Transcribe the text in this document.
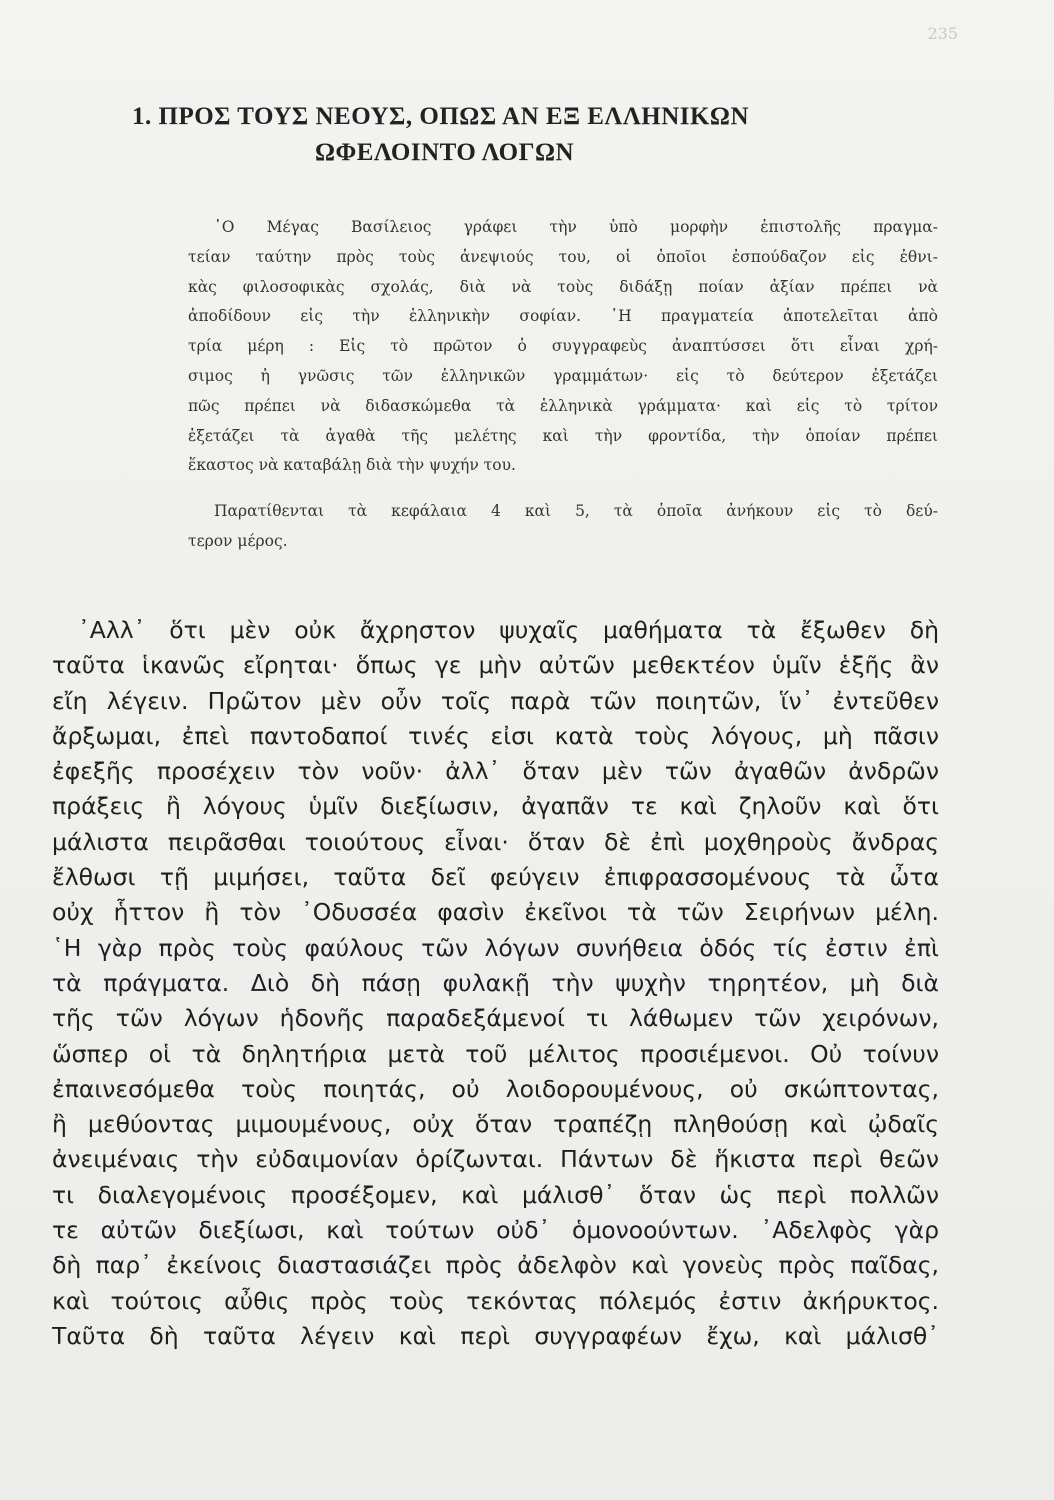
235
1. ΠΡΟΣ ΤΟΥΣ ΝΕΟΥΣ, ΟΠΩΣ ΑΝ ΕΞ ΕΛΛΗΝΙΚΩΝ
ΩΦΕΛΟΙΝΤΟ ΛΟΓΩΝ
῾Ο Μέγας Βασίλειος γράφει τὴν ὑπὸ μορφὴν ἐπιστολῆς πραγμα-
τείαν ταύτην πρὸς τοὺς ἀνεψιούς του, οἱ ὁποῖοι ἐσπούδαζον εἰς ἐθνι-
κὰς φιλοσοφικὰς σχολάς, διὰ νὰ τοὺς διδάξῃ ποίαν ἀξίαν πρέπει νὰ
ἀποδίδουν εἰς τὴν ἑλληνικὴν σοφίαν. ῾Η πραγματεία ἀποτελεῖται ἀπὸ
τρία μέρη : Εἰς τὸ πρῶτον ὁ συγγραφεὺς ἀναπτύσσει ὅτι εἶναι χρή-
σιμος ἡ γνῶσις τῶν ἑλληνικῶν γραμμάτων· εἰς τὸ δεύτερον ἐξετάζει
πῶς πρέπει νὰ διδασκώμεθα τὰ ἑλληνικὰ γράμματα· καὶ εἰς τὸ τρίτον
ἐξετάζει τὰ ἀγαθὰ τῆς μελέτης καὶ τὴν φροντίδα, τὴν ὁποίαν πρέπει
ἕκαστος νὰ καταβάλῃ διὰ τὴν ψυχήν του.
Παρατίθενται τὰ κεφάλαια 4 καὶ 5, τὰ ὁποῖα ἀνήκουν εἰς τὸ δεύ-
τερον μέρος.
᾿Αλλ᾿ ὅτι μὲν οὐκ ἄχρηστον ψυχαῖς μαθήματα τὰ ἔξωθεν δὴ
ταῦτα ἱκανῶς εἴρηται· ὅπως γε μὴν αὐτῶν μεθεκτέον ὑμῖν ἑξῆς ἂν
εἴη λέγειν. Πρῶτον μὲν οὖν τοῖς παρὰ τῶν ποιητῶν, ἵν᾿ ἐντεῦθεν
ἄρξωμαι, ἐπεὶ παντοδαποί τινές εἰσι κατὰ τοὺς λόγους, μὴ πᾶσιν
ἐφεξῆς προσέχειν τὸν νοῦν· ἀλλ᾿ ὅταν μὲν τῶν ἀγαθῶν ἀνδρῶν
πράξεις ἢ λόγους ὑμῖν διεξίωσιν, ἀγαπᾶν τε καὶ ζηλοῦν καὶ ὅτι
μάλιστα πειρᾶσθαι τοιούτους εἶναι· ὅταν δὲ ἐπὶ μοχθηροὺς ἄνδρας
ἔλθωσι τῇ μιμήσει, ταῦτα δεῖ φεύγειν ἐπιφρασσομένους τὰ ὦτα
οὐχ ἧττον ἢ τὸν ᾿Οδυσσέα φασὶν ἐκεῖνοι τὰ τῶν Σειρήνων μέλη.
῾Η γὰρ πρὸς τοὺς φαύλους τῶν λόγων συνήθεια ὁδός τίς ἐστιν ἐπὶ
τὰ πράγματα. Διὸ δὴ πάσῃ φυλακῇ τὴν ψυχὴν τηρητέον, μὴ διὰ
τῆς τῶν λόγων ἡδονῆς παραδεξάμενοί τι λάθωμεν τῶν χειρόνων,
ὥσπερ οἱ τὰ δηλητήρια μετὰ τοῦ μέλιτος προσιέμενοι. Οὐ τοίνυν
ἐπαινεσόμεθα τοὺς ποιητάς, οὐ λοιδορουμένους, οὐ σκώπτοντας,
ἢ μεθύοντας μιμουμένους, οὐχ ὅταν τραπέζῃ πληθούσῃ καὶ ᾠδαῖς
ἀνειμέναις τὴν εὐδαιμονίαν ὁρίζωνται. Πάντων δὲ ἥκιστα περὶ θεῶν
τι διαλεγομένοις προσέξομεν, καὶ μάλισθ᾿ ὅταν ὡς περὶ πολλῶν
τε αὐτῶν διεξίωσι, καὶ τούτων οὐδ᾿ ὁμονοούντων. ᾿Αδελφὸς γὰρ
δὴ παρ᾿ ἐκείνοις διαστασιάζει πρὸς ἀδελφὸν καὶ γονεὺς πρὸς παῖδας,
καὶ τούτοις αὖθις πρὸς τοὺς τεκόντας πόλεμός ἐστιν ἀκήρυκτος.
Ταῦτα δὴ ταῦτα λέγειν καὶ περὶ συγγραφέων ἔχω, καὶ μάλισθ᾿
